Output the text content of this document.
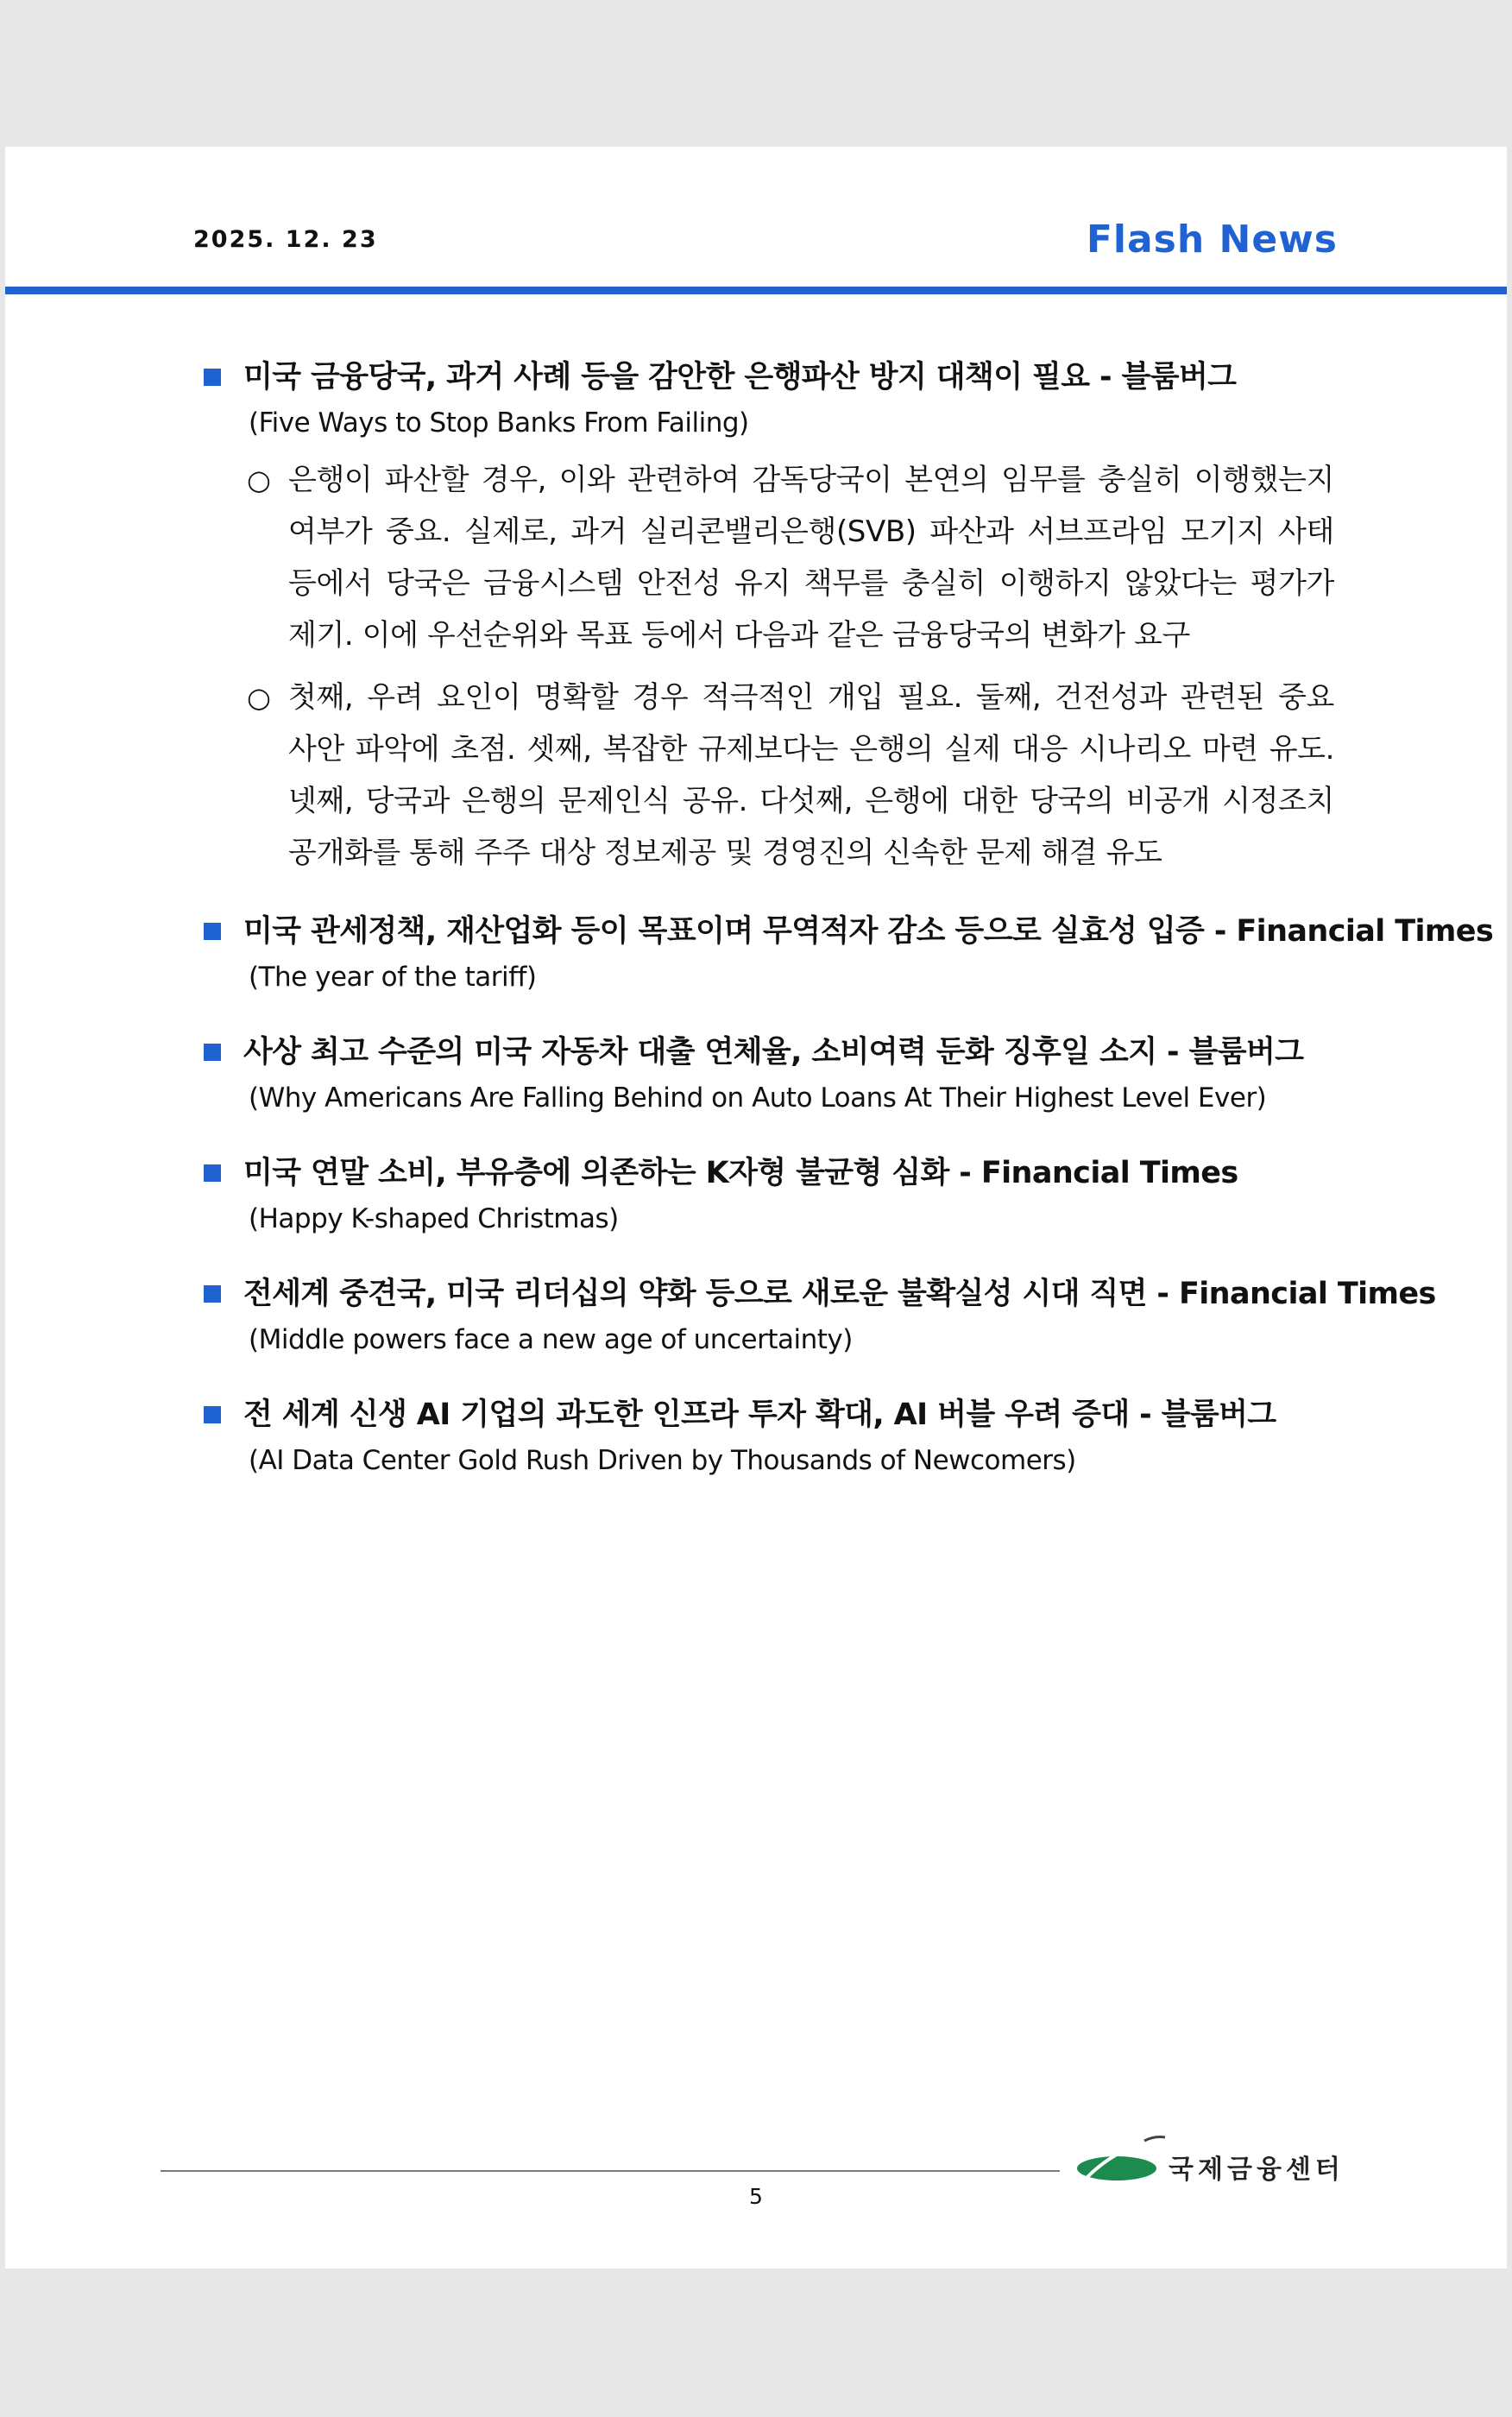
2025. 12. 23	Flash News
미국 금융당국, 과거 사례 등을 감안한 은행파산 방지 대책이 필요 - 블룸버그
(Five Ways to Stop Banks From Failing)
○ 은행이 파산할 경우, 이와 관련하여 감독당국이 본연의 임무를 충실히 이행했는지 여부가 중요. 실제로, 과거 실리콘밸리은행(SVB) 파산과 서브프라임 모기지 사태 등에서 당국은 금융시스템 안전성 유지 책무를 충실히 이행하지 않았다는 평가가 제기. 이에 우선순위와 목표 등에서 다음과 같은 금융당국의 변화가 요구
○ 첫째, 우려 요인이 명확할 경우 적극적인 개입 필요. 둘째, 건전성과 관련된 중요 사안 파악에 초점. 셋째, 복잡한 규제보다는 은행의 실제 대응 시나리오 마련 유도. 넷째, 당국과 은행의 문제인식 공유. 다섯째, 은행에 대한 당국의 비공개 시정조치 공개화를 통해 주주 대상 정보제공 및 경영진의 신속한 문제 해결 유도
미국 관세정책, 재산업화 등이 목표이며 무역적자 감소 등으로 실효성 입증 - Financial Times
(The year of the tariff)
사상 최고 수준의 미국 자동차 대출 연체율, 소비여력 둔화 징후일 소지 - 블룸버그
(Why Americans Are Falling Behind on Auto Loans At Their Highest Level Ever)
미국 연말 소비, 부유층에 의존하는 K자형 불균형 심화 - Financial Times
(Happy K-shaped Christmas)
전세계 중견국, 미국 리더십의 약화 등으로 새로운 불확실성 시대 직면 - Financial Times
(Middle powers face a new age of uncertainty)
전 세계 신생 AI 기업의 과도한 인프라 투자 확대, AI 버블 우려 증대 - 블룸버그
(AI Data Center Gold Rush Driven by Thousands of Newcomers)
국제금융센터
5
